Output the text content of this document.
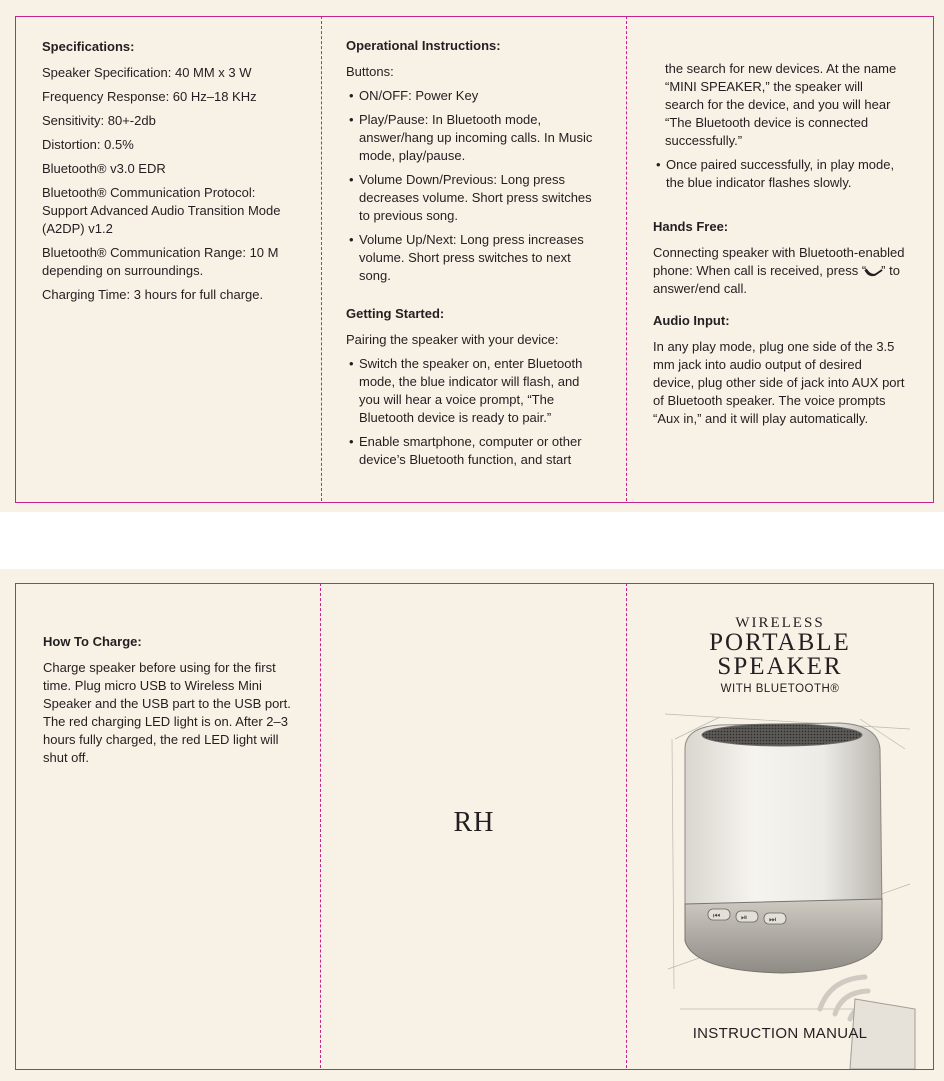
Specifications:

Speaker Specification: 40 MM x 3 W

Frequency Response: 60 Hz–18 KHz

Sensitivity: 80+-2db

Distortion: 0.5%

Bluetooth® v3.0 EDR

Bluetooth® Communication Protocol: Support Advanced Audio Transition Mode (A2DP) v1.2

Bluetooth® Communication Range: 10 M depending on surroundings.

Charging Time: 3 hours for full charge.

Operational Instructions:

Buttons:

• ON/OFF: Power Key
• Play/Pause: In Bluetooth mode, answer/hang up incoming calls. In Music mode, play/pause.
• Volume Down/Previous: Long press decreases volume. Short press switches to previous song.
• Volume Up/Next: Long press increases volume. Short press switches to next song.
Getting Started:

Pairing the speaker with your device:

• Switch the speaker on, enter Bluetooth mode, the blue indicator will flash, and you will hear a voice prompt, “The Bluetooth device is ready to pair.”
• Enable smartphone, computer or other device’s Bluetooth function, and start

the search for new devices. At the name “MINI SPEAKER,” the speaker will search for the device, and you will hear “The Bluetooth device is connected successfully.”

• Once paired successfully, in play mode, the blue indicator flashes slowly.
Hands Free:

Connecting speaker with Bluetooth-enabled phone: When call is received, press “ ” to answer/end call.

Audio Input:

In any play mode, plug one side of the 3.5 mm jack into audio output of desired device, plug other side of jack into AUX port of Bluetooth speaker. The voice prompts “Aux in,” and it will play automatically.

How To Charge:

Charge speaker before using for the first time. Plug micro USB to Wireless Mini Speaker and the USB part to the USB port. The red charging LED light is on. After 2–3 hours fully charged, the red LED light will shut off.

RH
WIRELESS
PORTABLE
SPEAKER
WITH BLUETOOTH®
⏮	⏯	⏭
INSTRUCTION MANUAL
